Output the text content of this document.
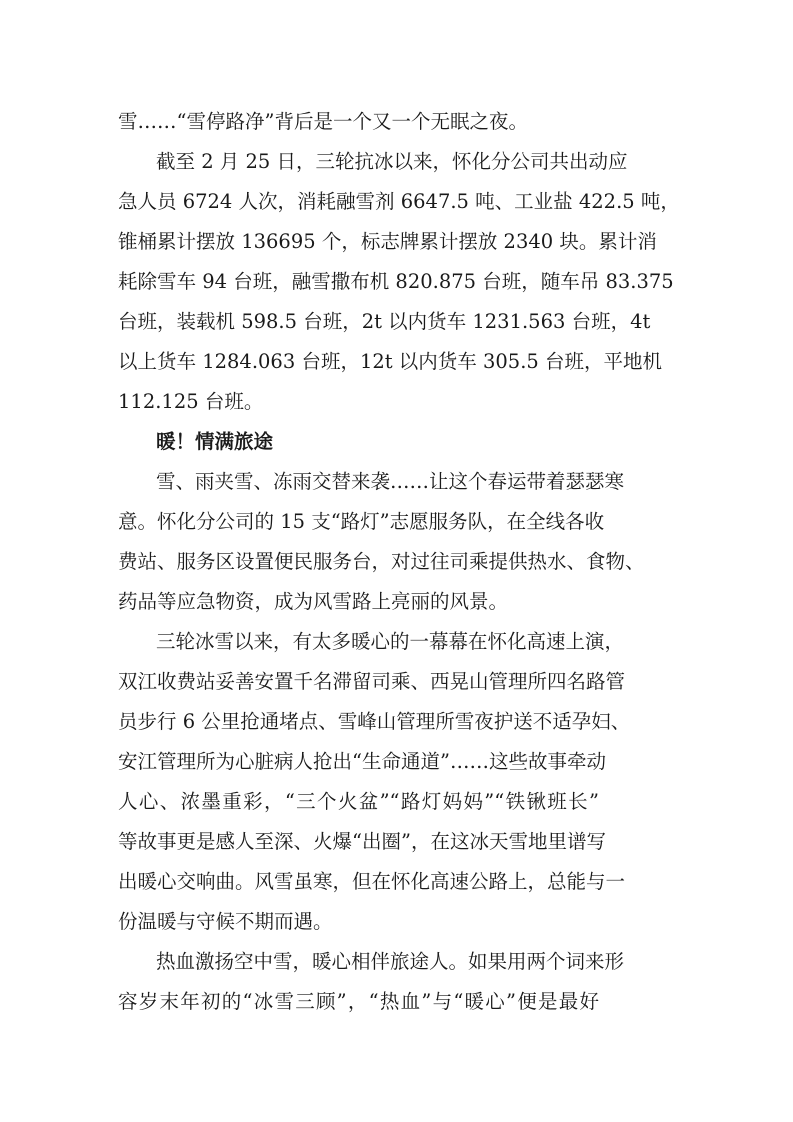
雪……“雪停路净”背后是一个又一个无眠之夜。
截至 2 月 25 日，三轮抗冰以来，怀化分公司共出动应
急人员 6724 人次，消耗融雪剂 6647.5 吨、工业盐 422.5 吨，
锥桶累计摆放 136695 个，标志牌累计摆放 2340 块。累计消
耗除雪车 94 台班，融雪撒布机 820.875 台班，随车吊 83.375
台班，装载机 598.5 台班，2t 以内货车 1231.563 台班，4t
以上货车 1284.063 台班，12t 以内货车 305.5 台班，平地机
112.125 台班。
暖！情满旅途
雪、雨夹雪、冻雨交替来袭……让这个春运带着瑟瑟寒
意。怀化分公司的 15 支“路灯”志愿服务队，在全线各收
费站、服务区设置便民服务台，对过往司乘提供热水、食物、
药品等应急物资，成为风雪路上亮丽的风景。
三轮冰雪以来，有太多暖心的一幕幕在怀化高速上演，
双江收费站妥善安置千名滞留司乘、西晃山管理所四名路管
员步行 6 公里抢通堵点、雪峰山管理所雪夜护送不适孕妇、
安江管理所为心脏病人抢出“生命通道”……这些故事牵动
人心、浓墨重彩，“三个火盆”“路灯妈妈”“铁锹班长”
等故事更是感人至深、火爆“出圈”，在这冰天雪地里谱写
出暖心交响曲。风雪虽寒，但在怀化高速公路上，总能与一
份温暖与守候不期而遇。
热血激扬空中雪，暖心相伴旅途人。如果用两个词来形
容岁末年初的“冰雪三顾”，“热血”与“暖心”便是最好
